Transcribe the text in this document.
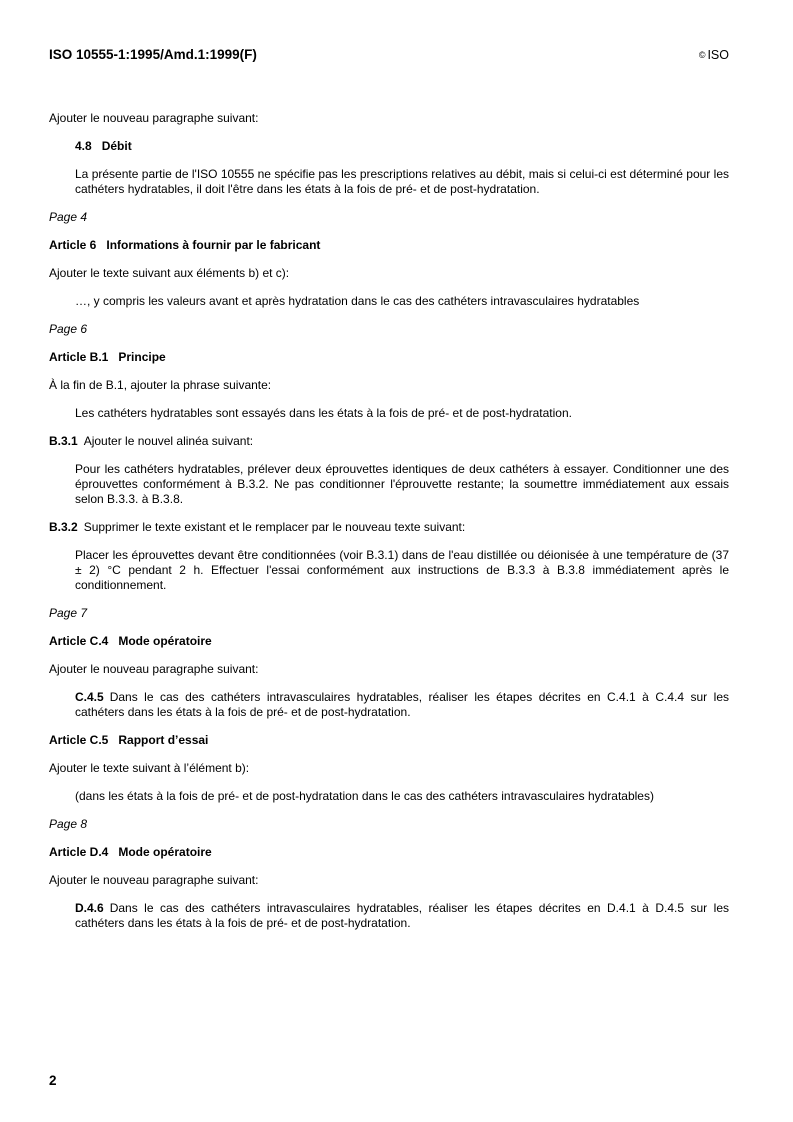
ISO 10555-1:1995/Amd.1:1999(F)	© ISO

Ajouter le nouveau paragraphe suivant:

4.8 Débit

La présente partie de l'ISO 10555 ne spécifie pas les prescriptions relatives au débit, mais si celui-ci est déterminé pour les cathéters hydratables, il doit l'être dans les états à la fois de pré- et de post-hydratation.

Page 4

Article 6 Informations à fournir par le fabricant

Ajouter le texte suivant aux éléments b) et c):

…, y compris les valeurs avant et après hydratation dans le cas des cathéters intravasculaires hydratables

Page 6

Article B.1 Principe

À la fin de B.1, ajouter la phrase suivante:

Les cathéters hydratables sont essayés dans les états à la fois de pré- et de post-hydratation.

B.3.1 Ajouter le nouvel alinéa suivant:

Pour les cathéters hydratables, prélever deux éprouvettes identiques de deux cathéters à essayer. Conditionner une des éprouvettes conformément à B.3.2. Ne pas conditionner l'éprouvette restante; la soumettre immédiatement aux essais selon B.3.3. à B.3.8.

B.3.2 Supprimer le texte existant et le remplacer par le nouveau texte suivant:

Placer les éprouvettes devant être conditionnées (voir B.3.1) dans de l'eau distillée ou déionisée à une température de (37 ± 2) °C pendant 2 h. Effectuer l'essai conformément aux instructions de B.3.3 à B.3.8 immédiatement après le conditionnement.

Page 7

Article C.4 Mode opératoire

Ajouter le nouveau paragraphe suivant:

C.4.5 Dans le cas des cathéters intravasculaires hydratables, réaliser les étapes décrites en C.4.1 à C.4.4 sur les cathéters dans les états à la fois de pré- et de post-hydratation.

Article C.5 Rapport d’essai

Ajouter le texte suivant à l’élément b):

(dans les états à la fois de pré- et de post-hydratation dans le cas des cathéters intravasculaires hydratables)

Page 8

Article D.4 Mode opératoire

Ajouter le nouveau paragraphe suivant:

D.4.6 Dans le cas des cathéters intravasculaires hydratables, réaliser les étapes décrites en D.4.1 à D.4.5 sur les cathéters dans les états à la fois de pré- et de post-hydratation.

2
